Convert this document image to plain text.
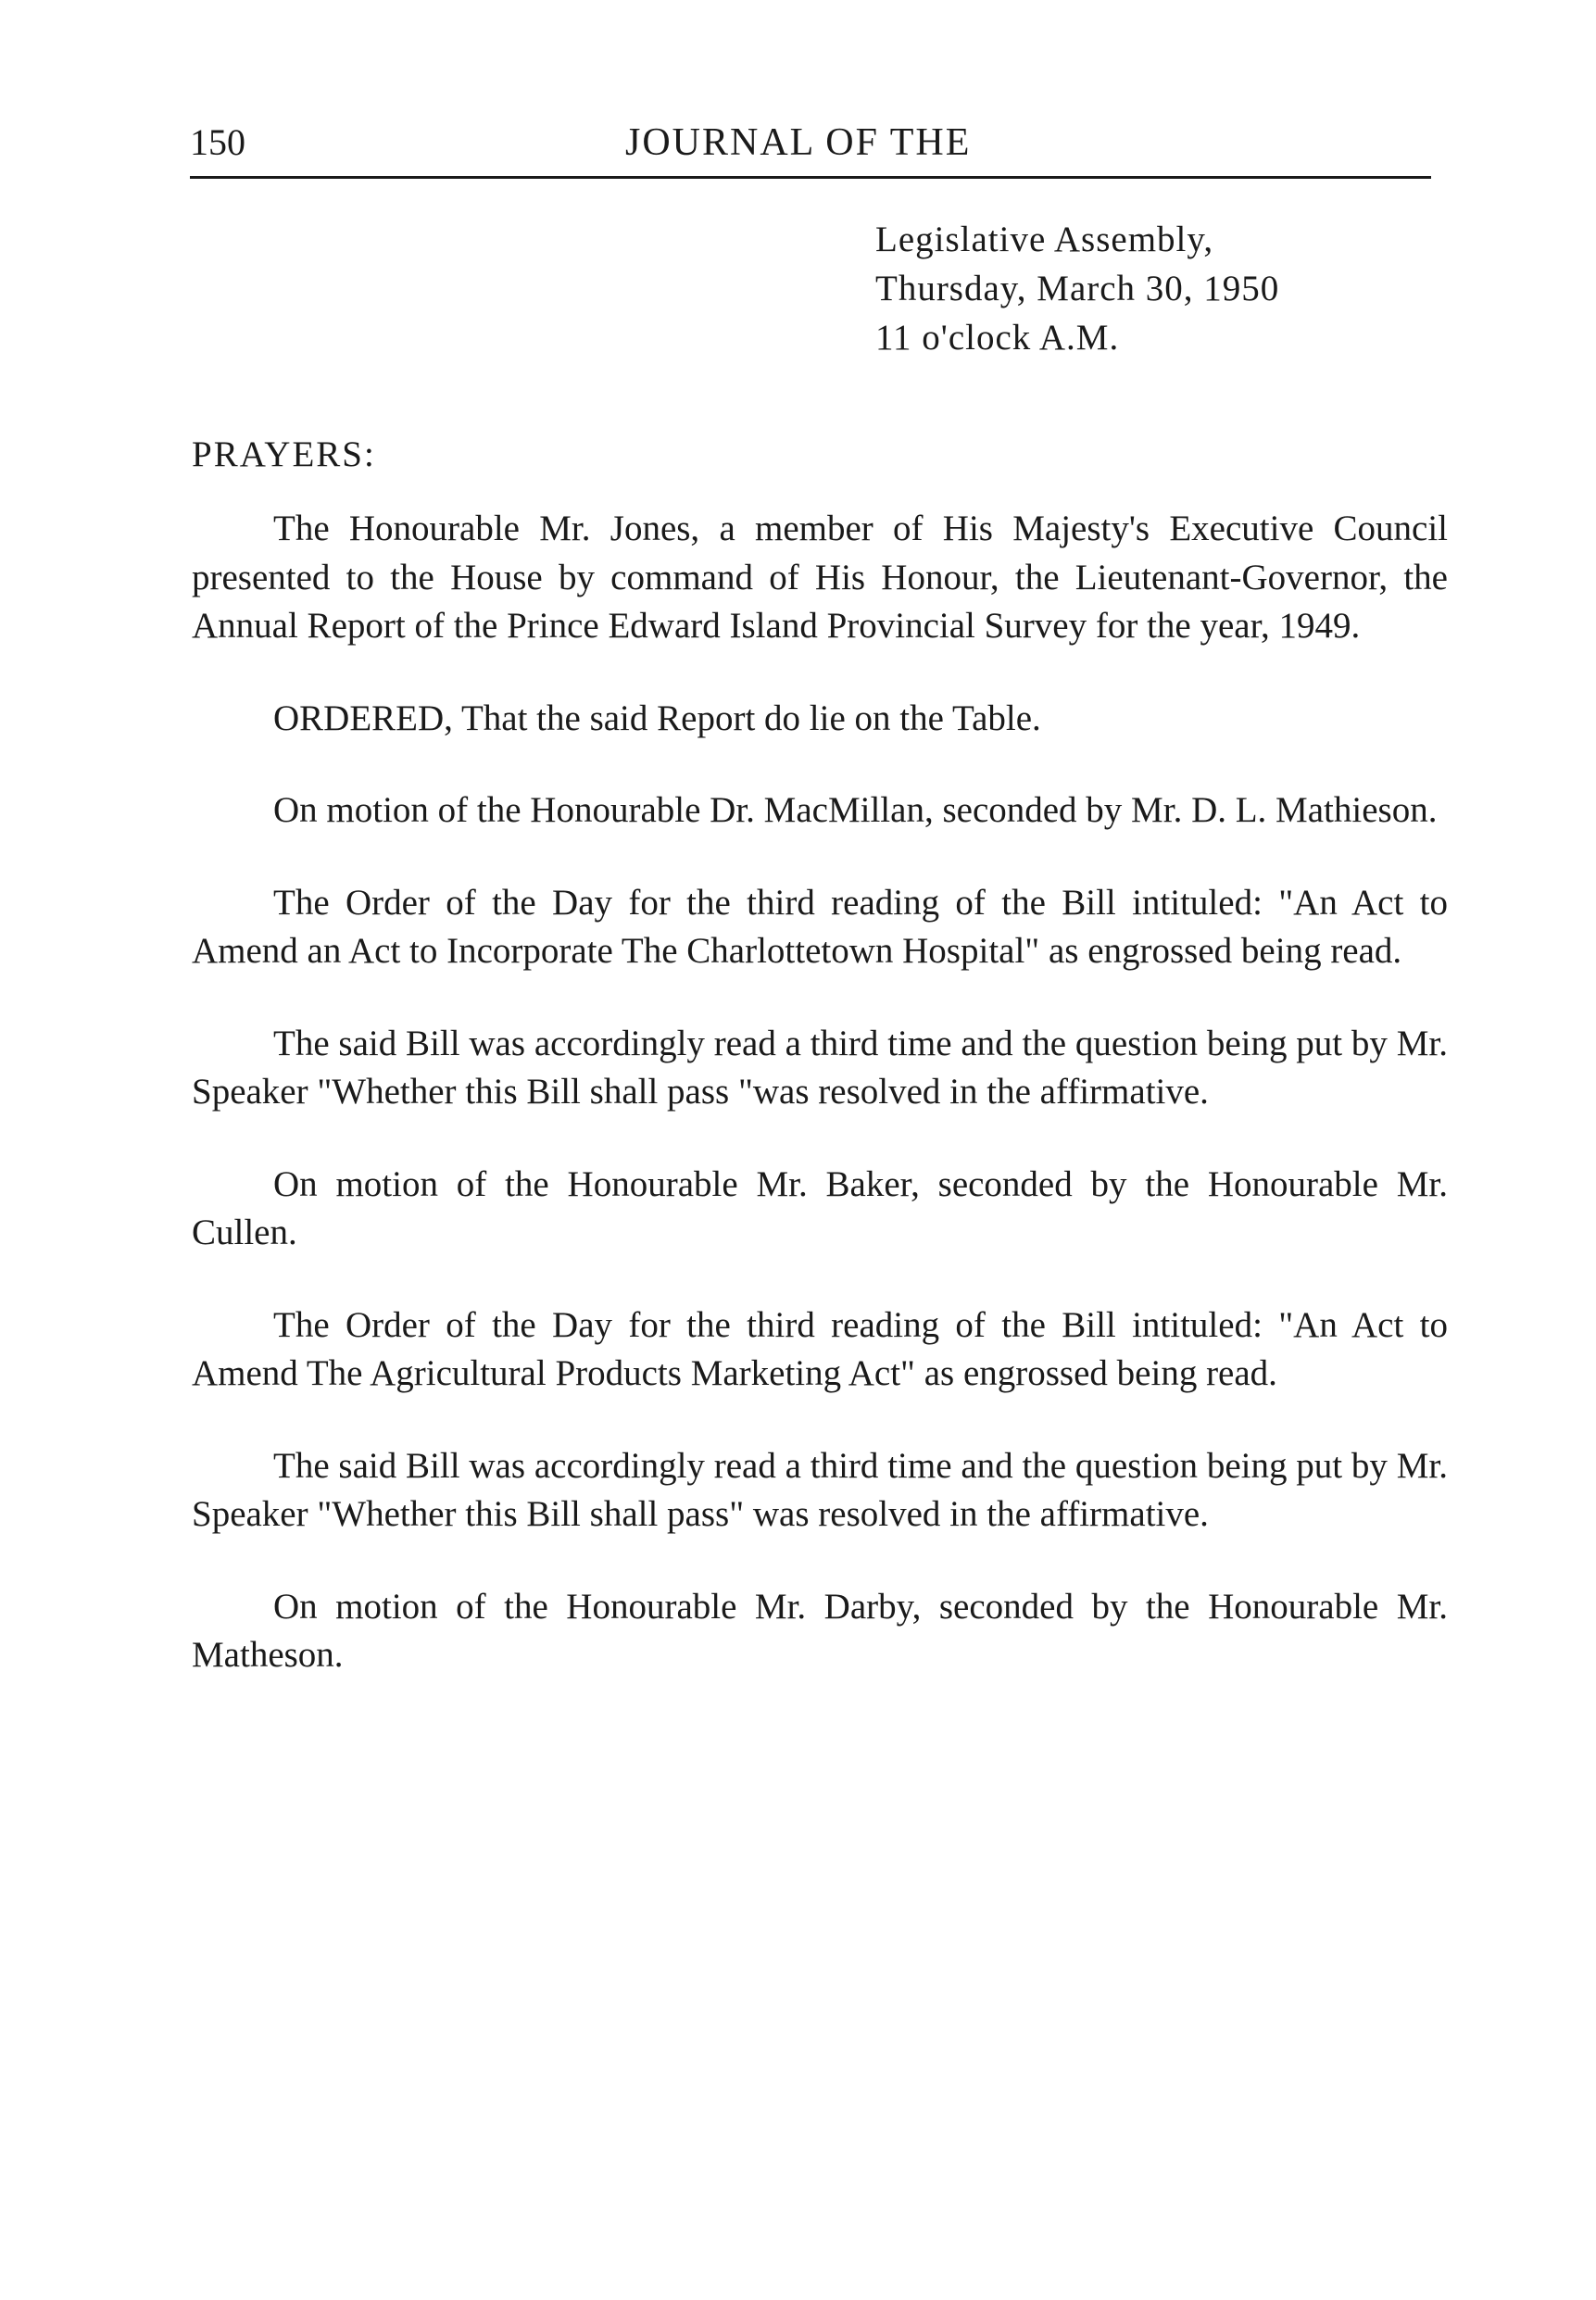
150	JOURNAL OF THE
Legislative Assembly,
Thursday, March 30, 1950
11 o'clock A.M.
PRAYERS:

The Honourable Mr. Jones, a member of His Majesty's Executive Council presented to the House by command of His Honour, the Lieutenant-Governor, the Annual Report of the Prince Edward Island Provincial Survey for the year, 1949.

ORDERED, That the said Report do lie on the Table.

On motion of the Honourable Dr. MacMillan, seconded by Mr. D. L. Mathieson.

The Order of the Day for the third reading of the Bill intituled: "An Act to Amend an Act to Incorporate The Charlottetown Hospital" as engrossed being read.

The said Bill was accordingly read a third time and the question being put by Mr. Speaker "Whether this Bill shall pass "was resolved in the affirmative.

On motion of the Honourable Mr. Baker, seconded by the Honourable Mr. Cullen.

The Order of the Day for the third reading of the Bill intituled: "An Act to Amend The Agricultural Products Marketing Act" as engrossed being read.

The said Bill was accordingly read a third time and the question being put by Mr. Speaker "Whether this Bill shall pass" was resolved in the affirmative.

On motion of the Honourable Mr. Darby, seconded by the Honourable Mr. Matheson.
